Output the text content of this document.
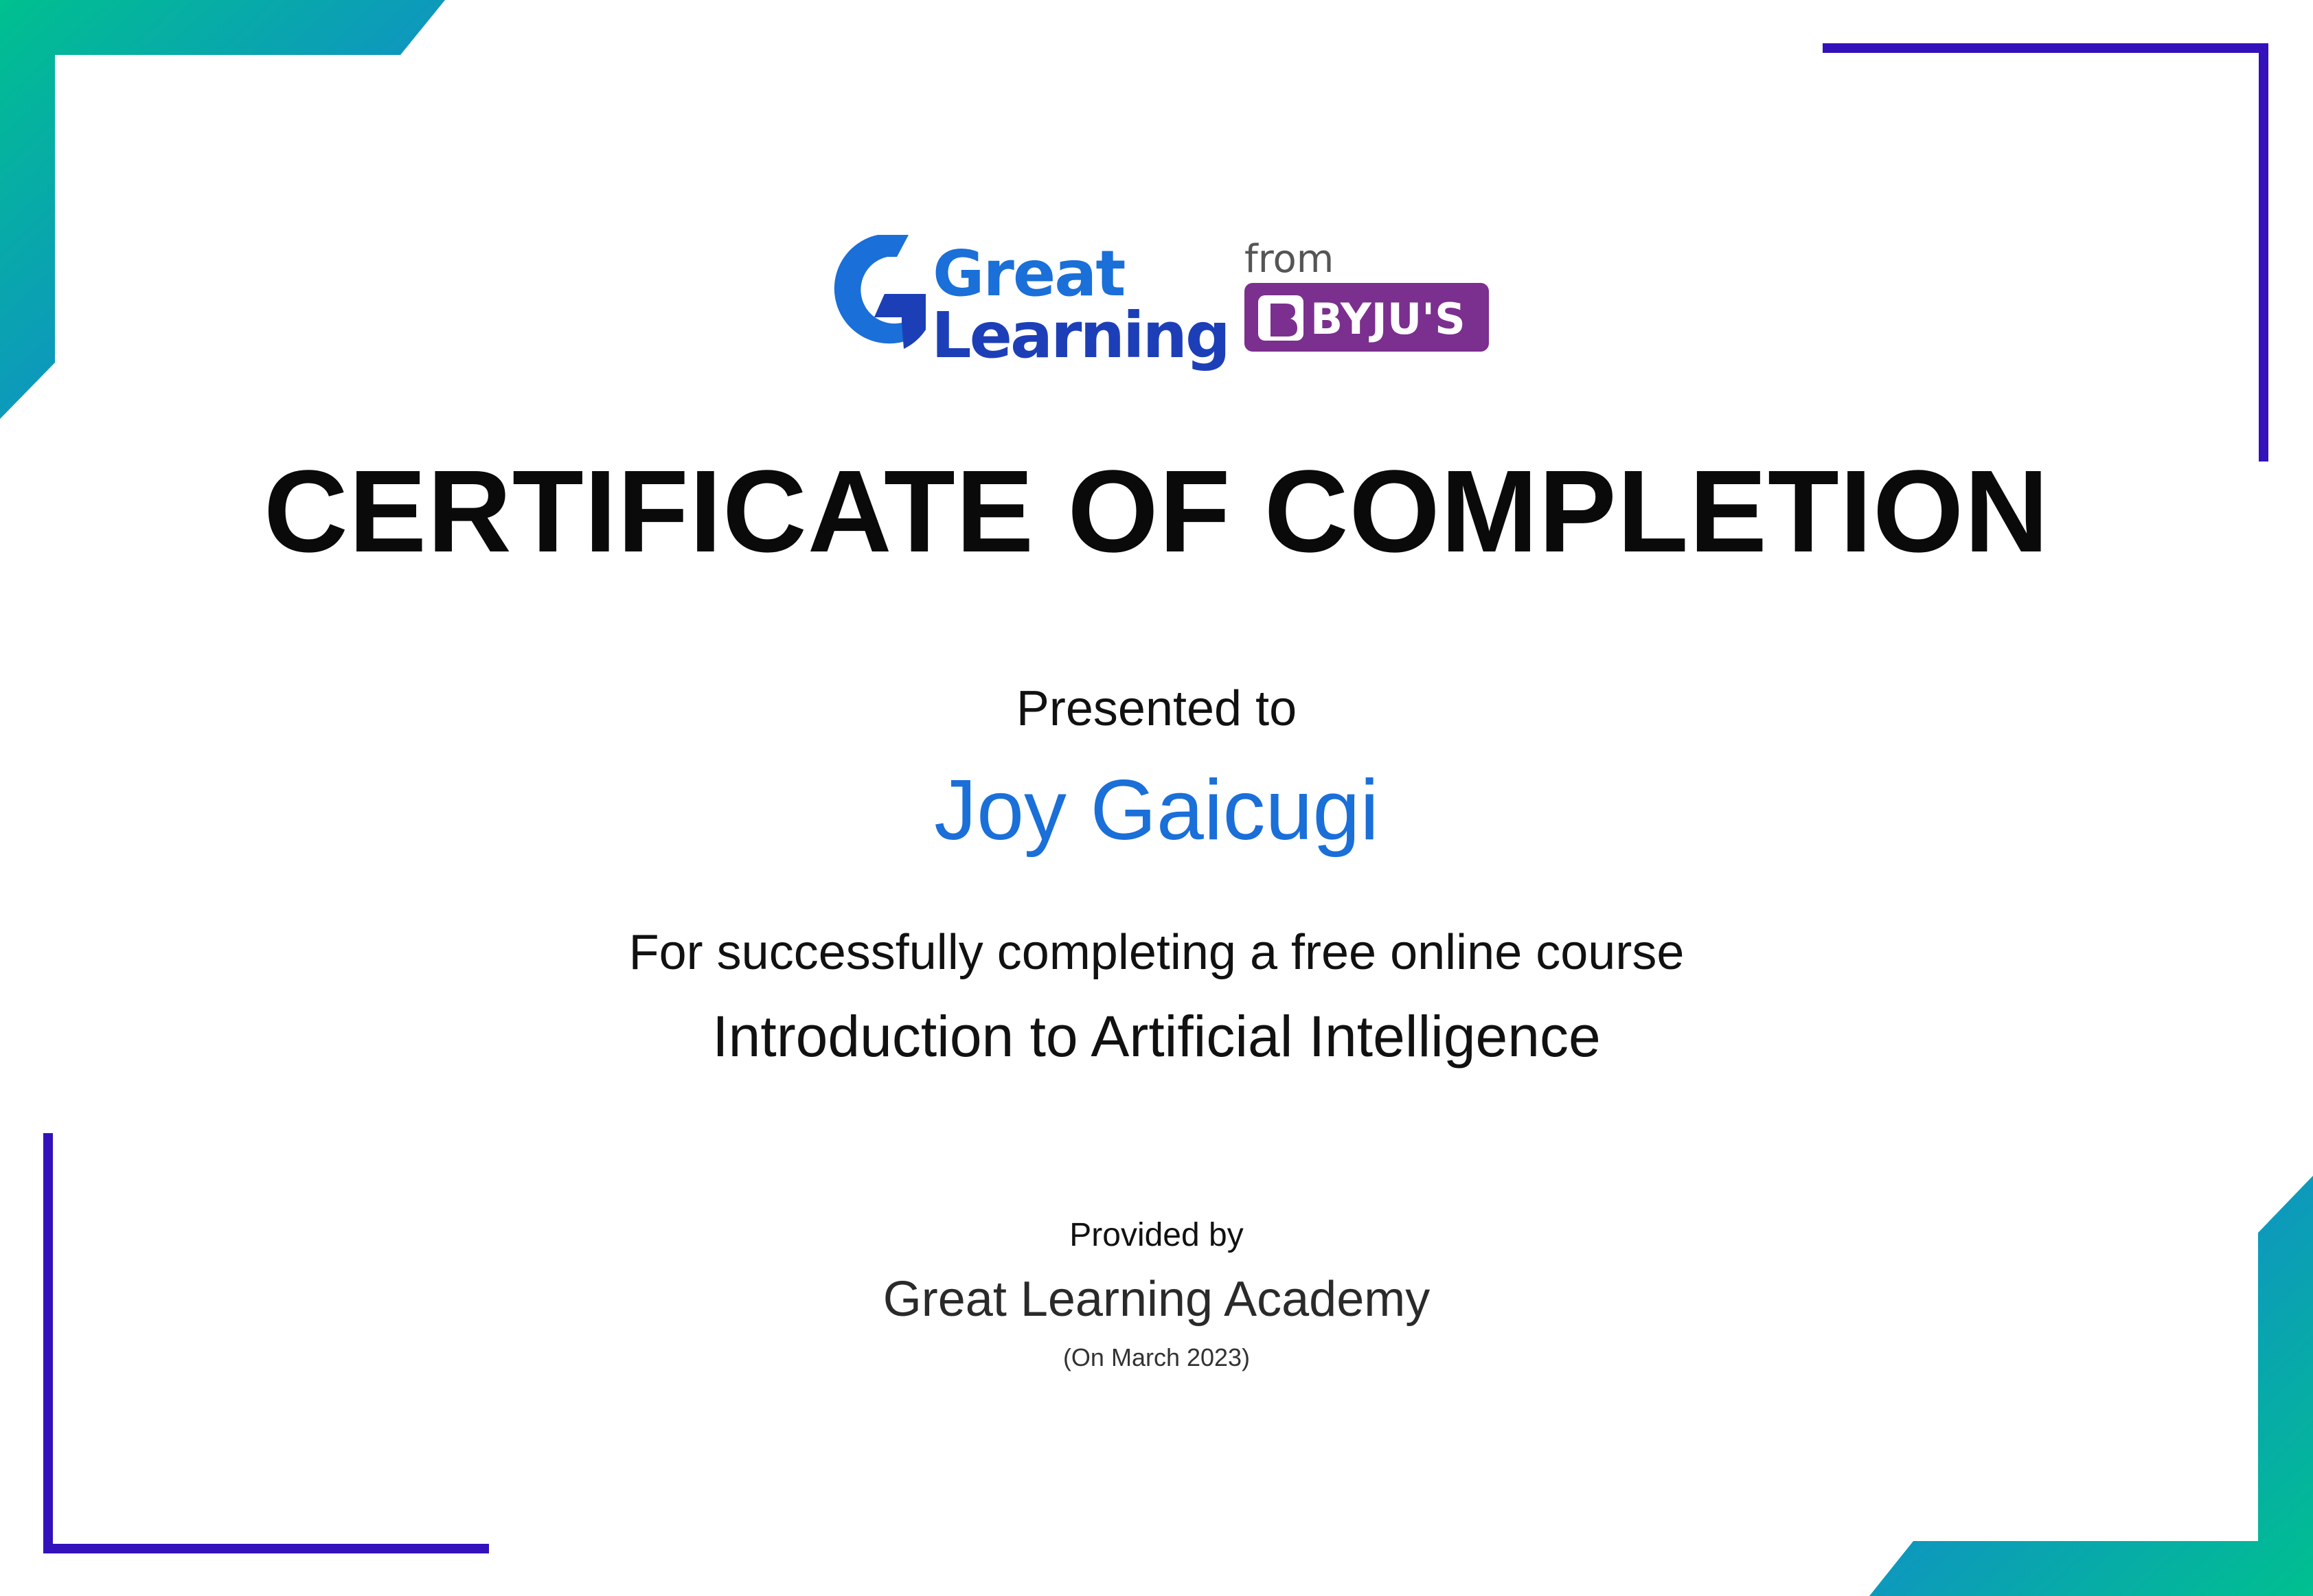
Great
Learning
from
BYJU'S
CERTIFICATE OF COMPLETION

Presented to

Joy Gaicugi

For successfully completing a free online course

Introduction to Artificial Intelligence

Provided by

Great Learning Academy

(On March 2023)
